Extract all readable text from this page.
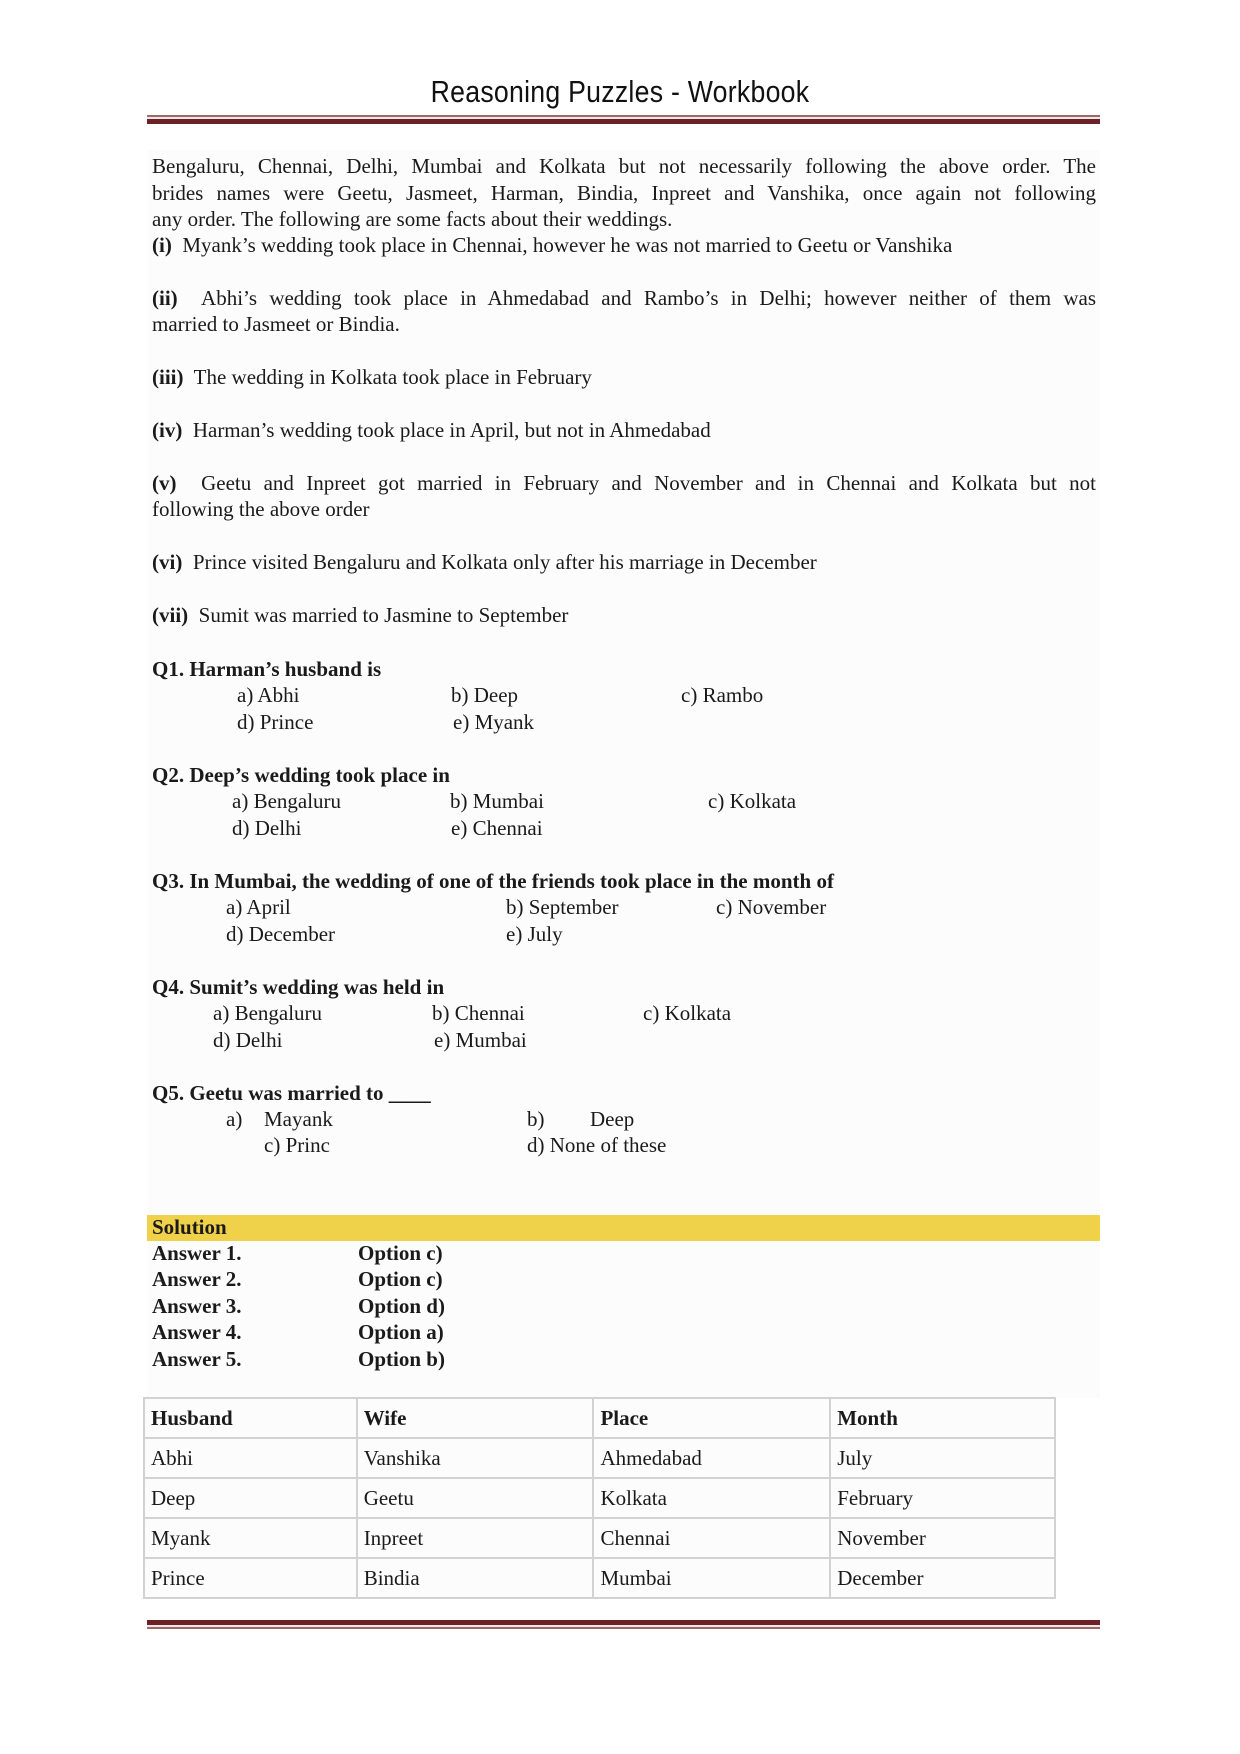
Reasoning Puzzles - Workbook
Bengaluru, Chennai, Delhi, Mumbai and Kolkata but not necessarily following the above order. The
brides names were Geetu, Jasmeet, Harman, Bindia, Inpreet and Vanshika, once again not following
any order. The following are some facts about their weddings.
(i) Myank’s wedding took place in Chennai, however he was not married to Geetu or Vanshika
(ii) Abhi’s wedding took place in Ahmedabad and Rambo’s in Delhi; however neither of them was
married to Jasmeet or Bindia.
(iii) The wedding in Kolkata took place in February
(iv) Harman’s wedding took place in April, but not in Ahmedabad
(v) Geetu and Inpreet got married in February and November and in Chennai and Kolkata but not
following the above order
(vi) Prince visited Bengaluru and Kolkata only after his marriage in December
(vii) Sumit was married to Jasmine to September
Q1. Harman’s husband is
a) Abhi	b) Deep	c) Rambo
d) Prince	e) Myank
Q2. Deep’s wedding took place in
a) Bengaluru	b) Mumbai	c) Kolkata
d) Delhi	e) Chennai
Q3. In Mumbai, the wedding of one of the friends took place in the month of
a) April	b) September	c) November
d) December	e) July
Q4. Sumit’s wedding was held in
a) Bengaluru	b) Chennai	c) Kolkata
d) Delhi	e) Mumbai
Q5. Geetu was married to ____
a) Mayank	b) Deep
c) Princ	d) None of these
Solution
Answer 1.	Option c)
Answer 2.	Option c)
Answer 3.	Option d)
Answer 4.	Option a)
Answer 5.	Option b)
Husband	Wife	Place	Month
Abhi	Vanshika	Ahmedabad	July
Deep	Geetu	Kolkata	February
Myank	Inpreet	Chennai	November
Prince	Bindia	Mumbai	December
